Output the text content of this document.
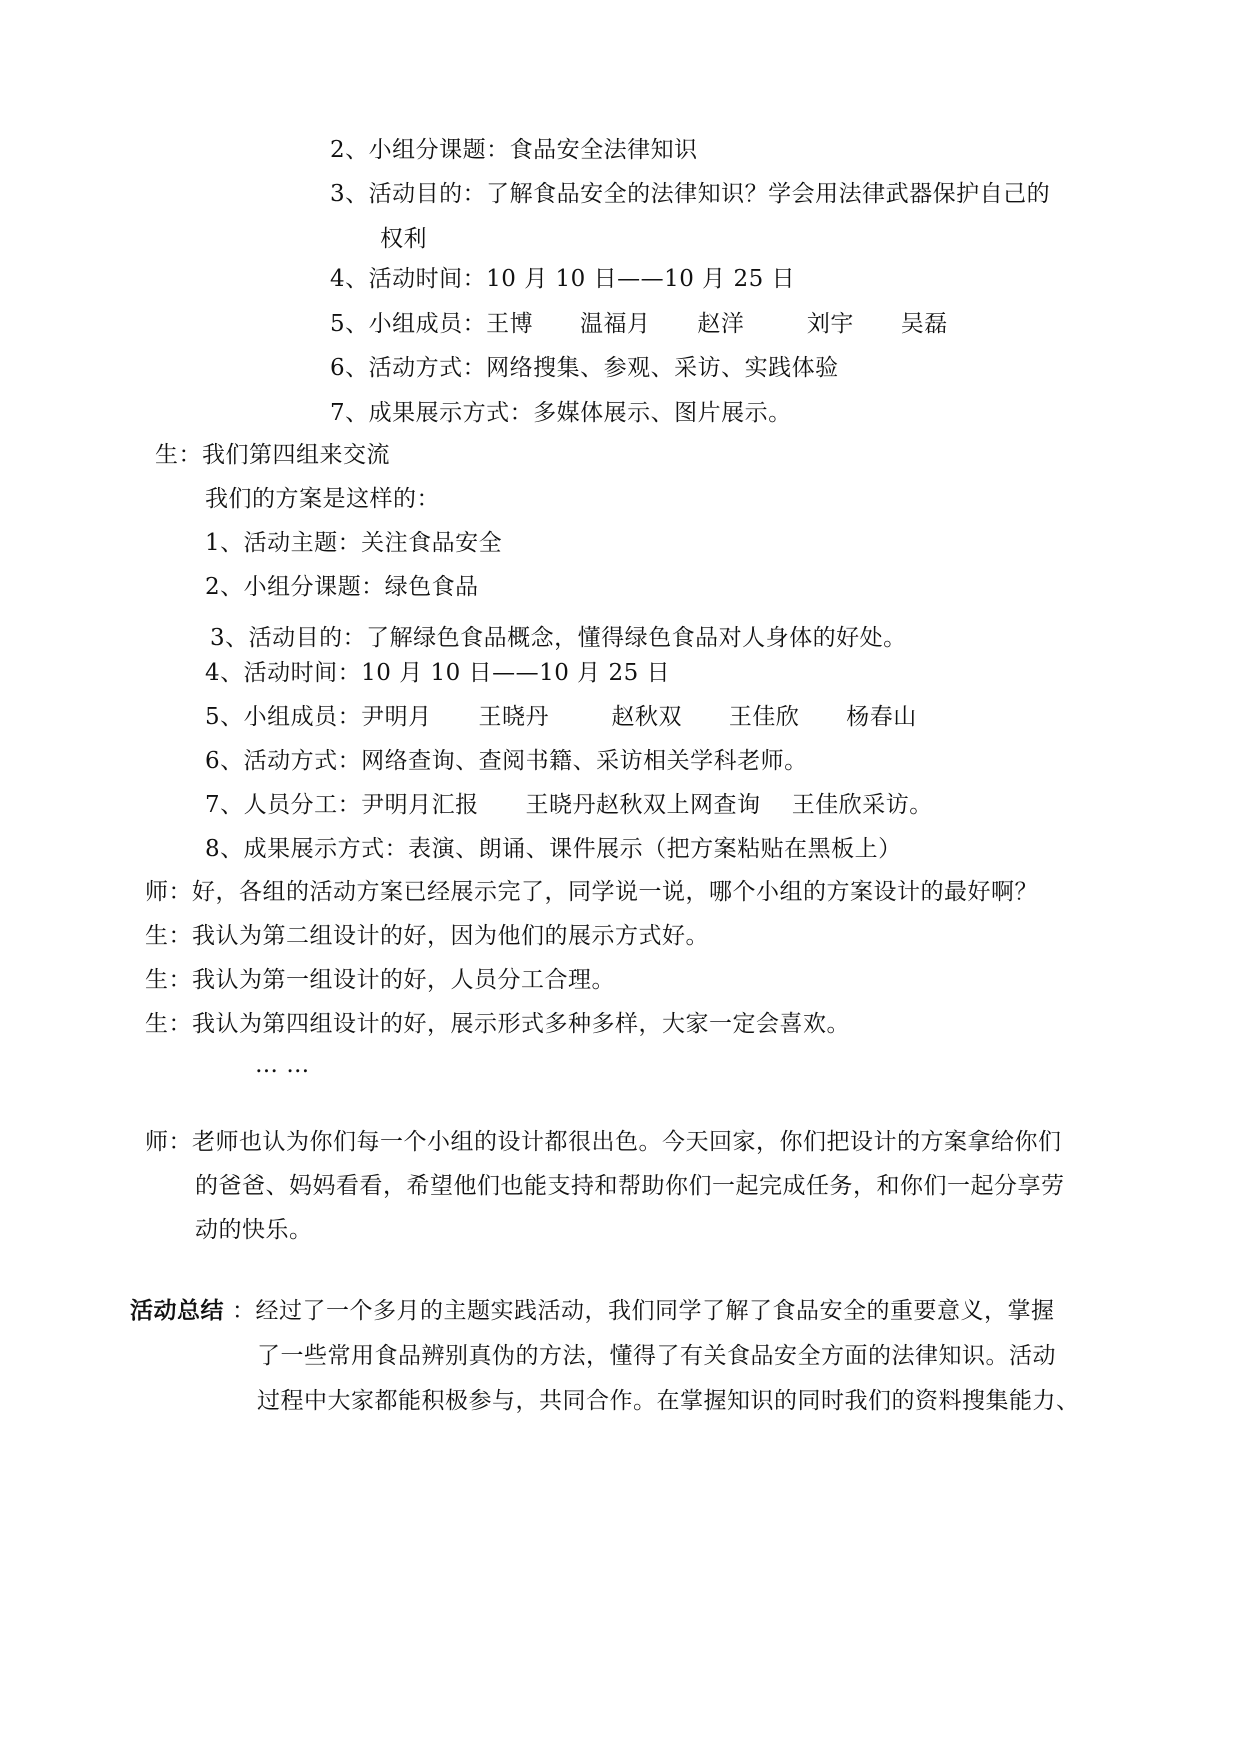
2、小组分课题：食品安全法律知识
3、活动目的：了解食品安全的法律知识？学会用法律武器保护自己的
权利
4、活动时间：10 月 10 日——10 月 25 日
5、小组成员：王博      温福月      赵洋        刘宇      吴磊
6、活动方式：网络搜集、参观、采访、实践体验
7、成果展示方式：多媒体展示、图片展示。
生：我们第四组来交流
我们的方案是这样的：
1、活动主题：关注食品安全
2、小组分课题：绿色食品
3、活动目的：了解绿色食品概念，懂得绿色食品对人身体的好处。
4、活动时间：10 月 10 日——10 月 25 日
5、小组成员：尹明月      王晓丹        赵秋双      王佳欣      杨春山
6、活动方式：网络查询、查阅书籍、采访相关学科老师。
7、人员分工：尹明月汇报      王晓丹赵秋双上网查询    王佳欣采访。
8、成果展示方式：表演、朗诵、课件展示（把方案粘贴在黑板上）
师：好，各组的活动方案已经展示完了，同学说一说，哪个小组的方案设计的最好啊？
生：我认为第二组设计的好，因为他们的展示方式好。
生：我认为第一组设计的好，人员分工合理。
生：我认为第四组设计的好，展示形式多种多样，大家一定会喜欢。
… …
师：老师也认为你们每一个小组的设计都很出色。今天回家，你们把设计的方案拿给你们
的爸爸、妈妈看看，希望他们也能支持和帮助你们一起完成任务，和你们一起分享劳
动的快乐。
活动总结 ：经过了一个多月的主题实践活动，我们同学了解了食品安全的重要意义，掌握
了一些常用食品辨别真伪的方法，懂得了有关食品安全方面的法律知识。活动
过程中大家都能积极参与，共同合作。在掌握知识的同时我们的资料搜集能力、
